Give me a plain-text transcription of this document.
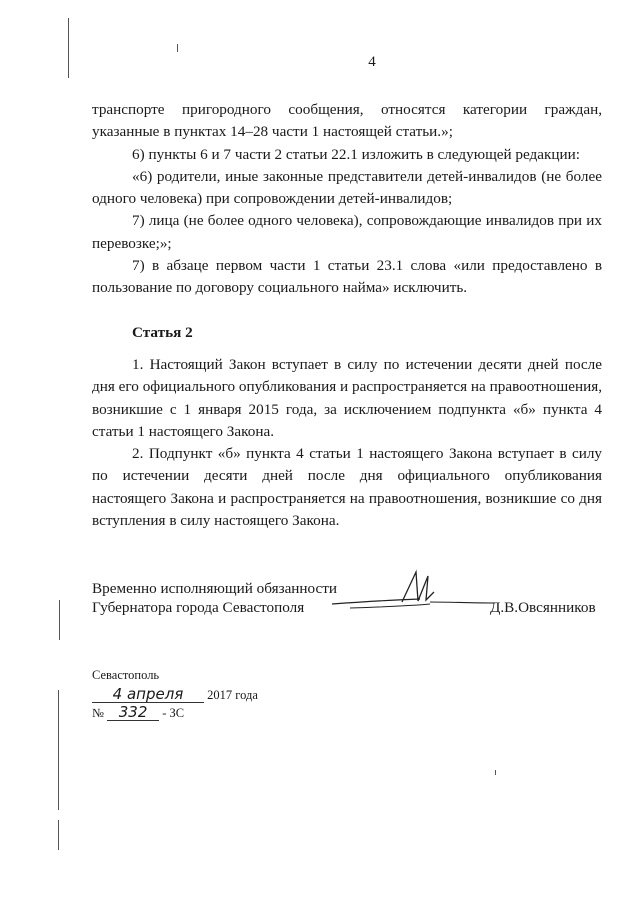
4

транспорте пригородного сообщения, относятся категории граждан, указанные в пунктах 14–28 части 1 настоящей статьи.»;

6) пункты 6 и 7 части 2 статьи 22.1 изложить в следующей редакции:

«6) родители, иные законные представители детей-инвалидов (не более одного человека) при сопровождении детей-инвалидов;

7) лица (не более одного человека), сопровождающие инвалидов при их перевозке;»;

7) в абзаце первом части 1 статьи 23.1 слова «или предоставлено в пользование по договору социального найма» исключить.

Статья 2

1. Настоящий Закон вступает в силу по истечении десяти дней после дня его официального опубликования и распространяется на правоотношения, возникшие с 1 января 2015 года, за исключением подпункта «б» пункта 4 статьи 1 настоящего Закона.

2. Подпункт «б» пункта 4 статьи 1 настоящего Закона вступает в силу по истечении десяти дней после дня официального опубликования настоящего Закона и распространяется на правоотношения, возникшие со дня вступления в силу настоящего Закона.

Временно исполняющий обязанности
Губернатора города Севастополя	Д.В.Овсянников
Севастополь
4 апреля 2017 года
№ 332 - ЗС
